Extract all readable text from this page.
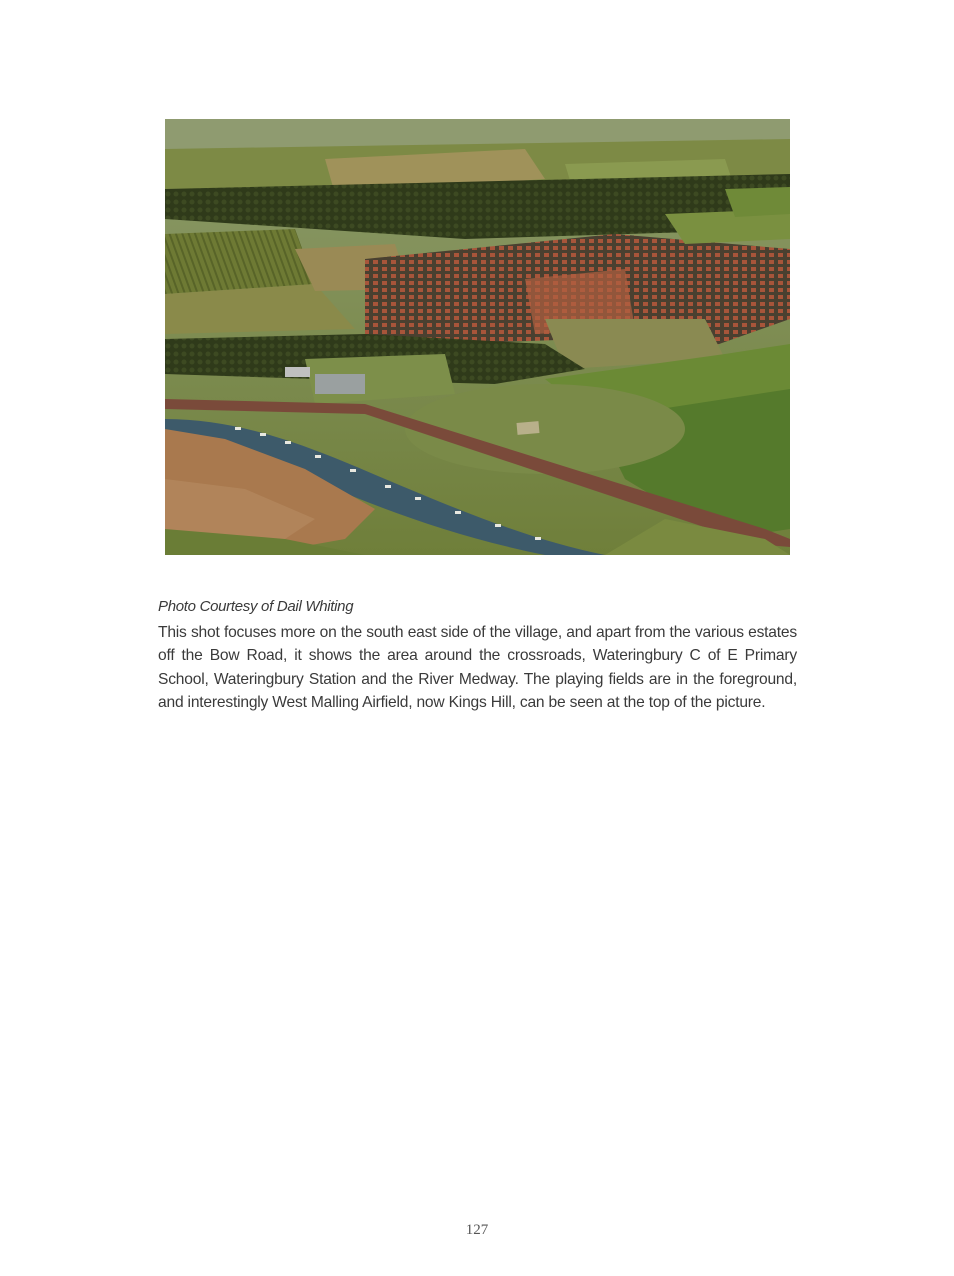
Photo Courtesy of Dail Whiting

This shot focuses more on the south east side of the village, and apart from the various estates off the Bow Road, it shows the area around the crossroads, Wateringbury C of E Primary School, Wateringbury Station and the River Medway. The playing fields are in the foreground, and interestingly West Malling Airfield, now Kings Hill, can be seen at the top of the picture.

127
